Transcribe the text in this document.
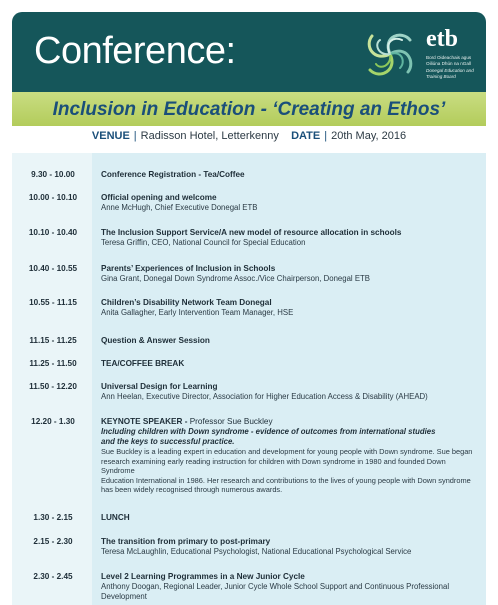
Conference:	etb
Bord Oideachais agus
Oiliúna Dhún na nGall
Donegal Education and
Training Board
Inclusion in Education - ‘Creating an Ethos’
VENUE | Radisson Hotel, Letterkenny DATE | 20th May, 2016
9.30 - 10.00	Conference Registration - Tea/Coffee
10.00 - 10.10	Official opening and welcome
Anne McHugh, Chief Executive Donegal ETB
10.10 - 10.40	The Inclusion Support Service/A new model of resource allocation in schools
Teresa Griffin, CEO, National Council for Special Education
10.40 - 10.55	Parents’ Experiences of Inclusion in Schools
Gina Grant, Donegal Down Syndrome Assoc./Vice Chairperson, Donegal ETB
10.55 - 11.15	Children’s Disability Network Team Donegal
Anita Gallagher, Early Intervention Team Manager, HSE
11.15 - 11.25	Question & Answer Session
11.25 - 11.50	TEA/COFFEE BREAK
11.50 - 12.20	Universal Design for Learning
Ann Heelan, Executive Director, Association for Higher Education Access & Disability (AHEAD)
12.20 - 1.30	KEYNOTE SPEAKER - Professor Sue Buckley
Including children with Down syndrome - evidence of outcomes from international studies
and the keys to successful practice.
Sue Buckley is a leading expert in education and development for young people with Down syndrome. Sue began
research examining early reading instruction for children with Down syndrome in 1980 and founded Down Syndrome
Education International in 1986. Her research and contributions to the lives of young people with Down syndrome
has been widely recognised through numerous awards.
1.30 - 2.15	LUNCH
2.15 - 2.30	The transition from primary to post-primary
Teresa McLaughlin, Educational Psychologist, National Educational Psychological Service
2.30 - 2.45	Level 2 Learning Programmes in a New Junior Cycle
Anthony Doogan, Regional Leader, Junior Cycle Whole School Support and Continuous Professional Development
